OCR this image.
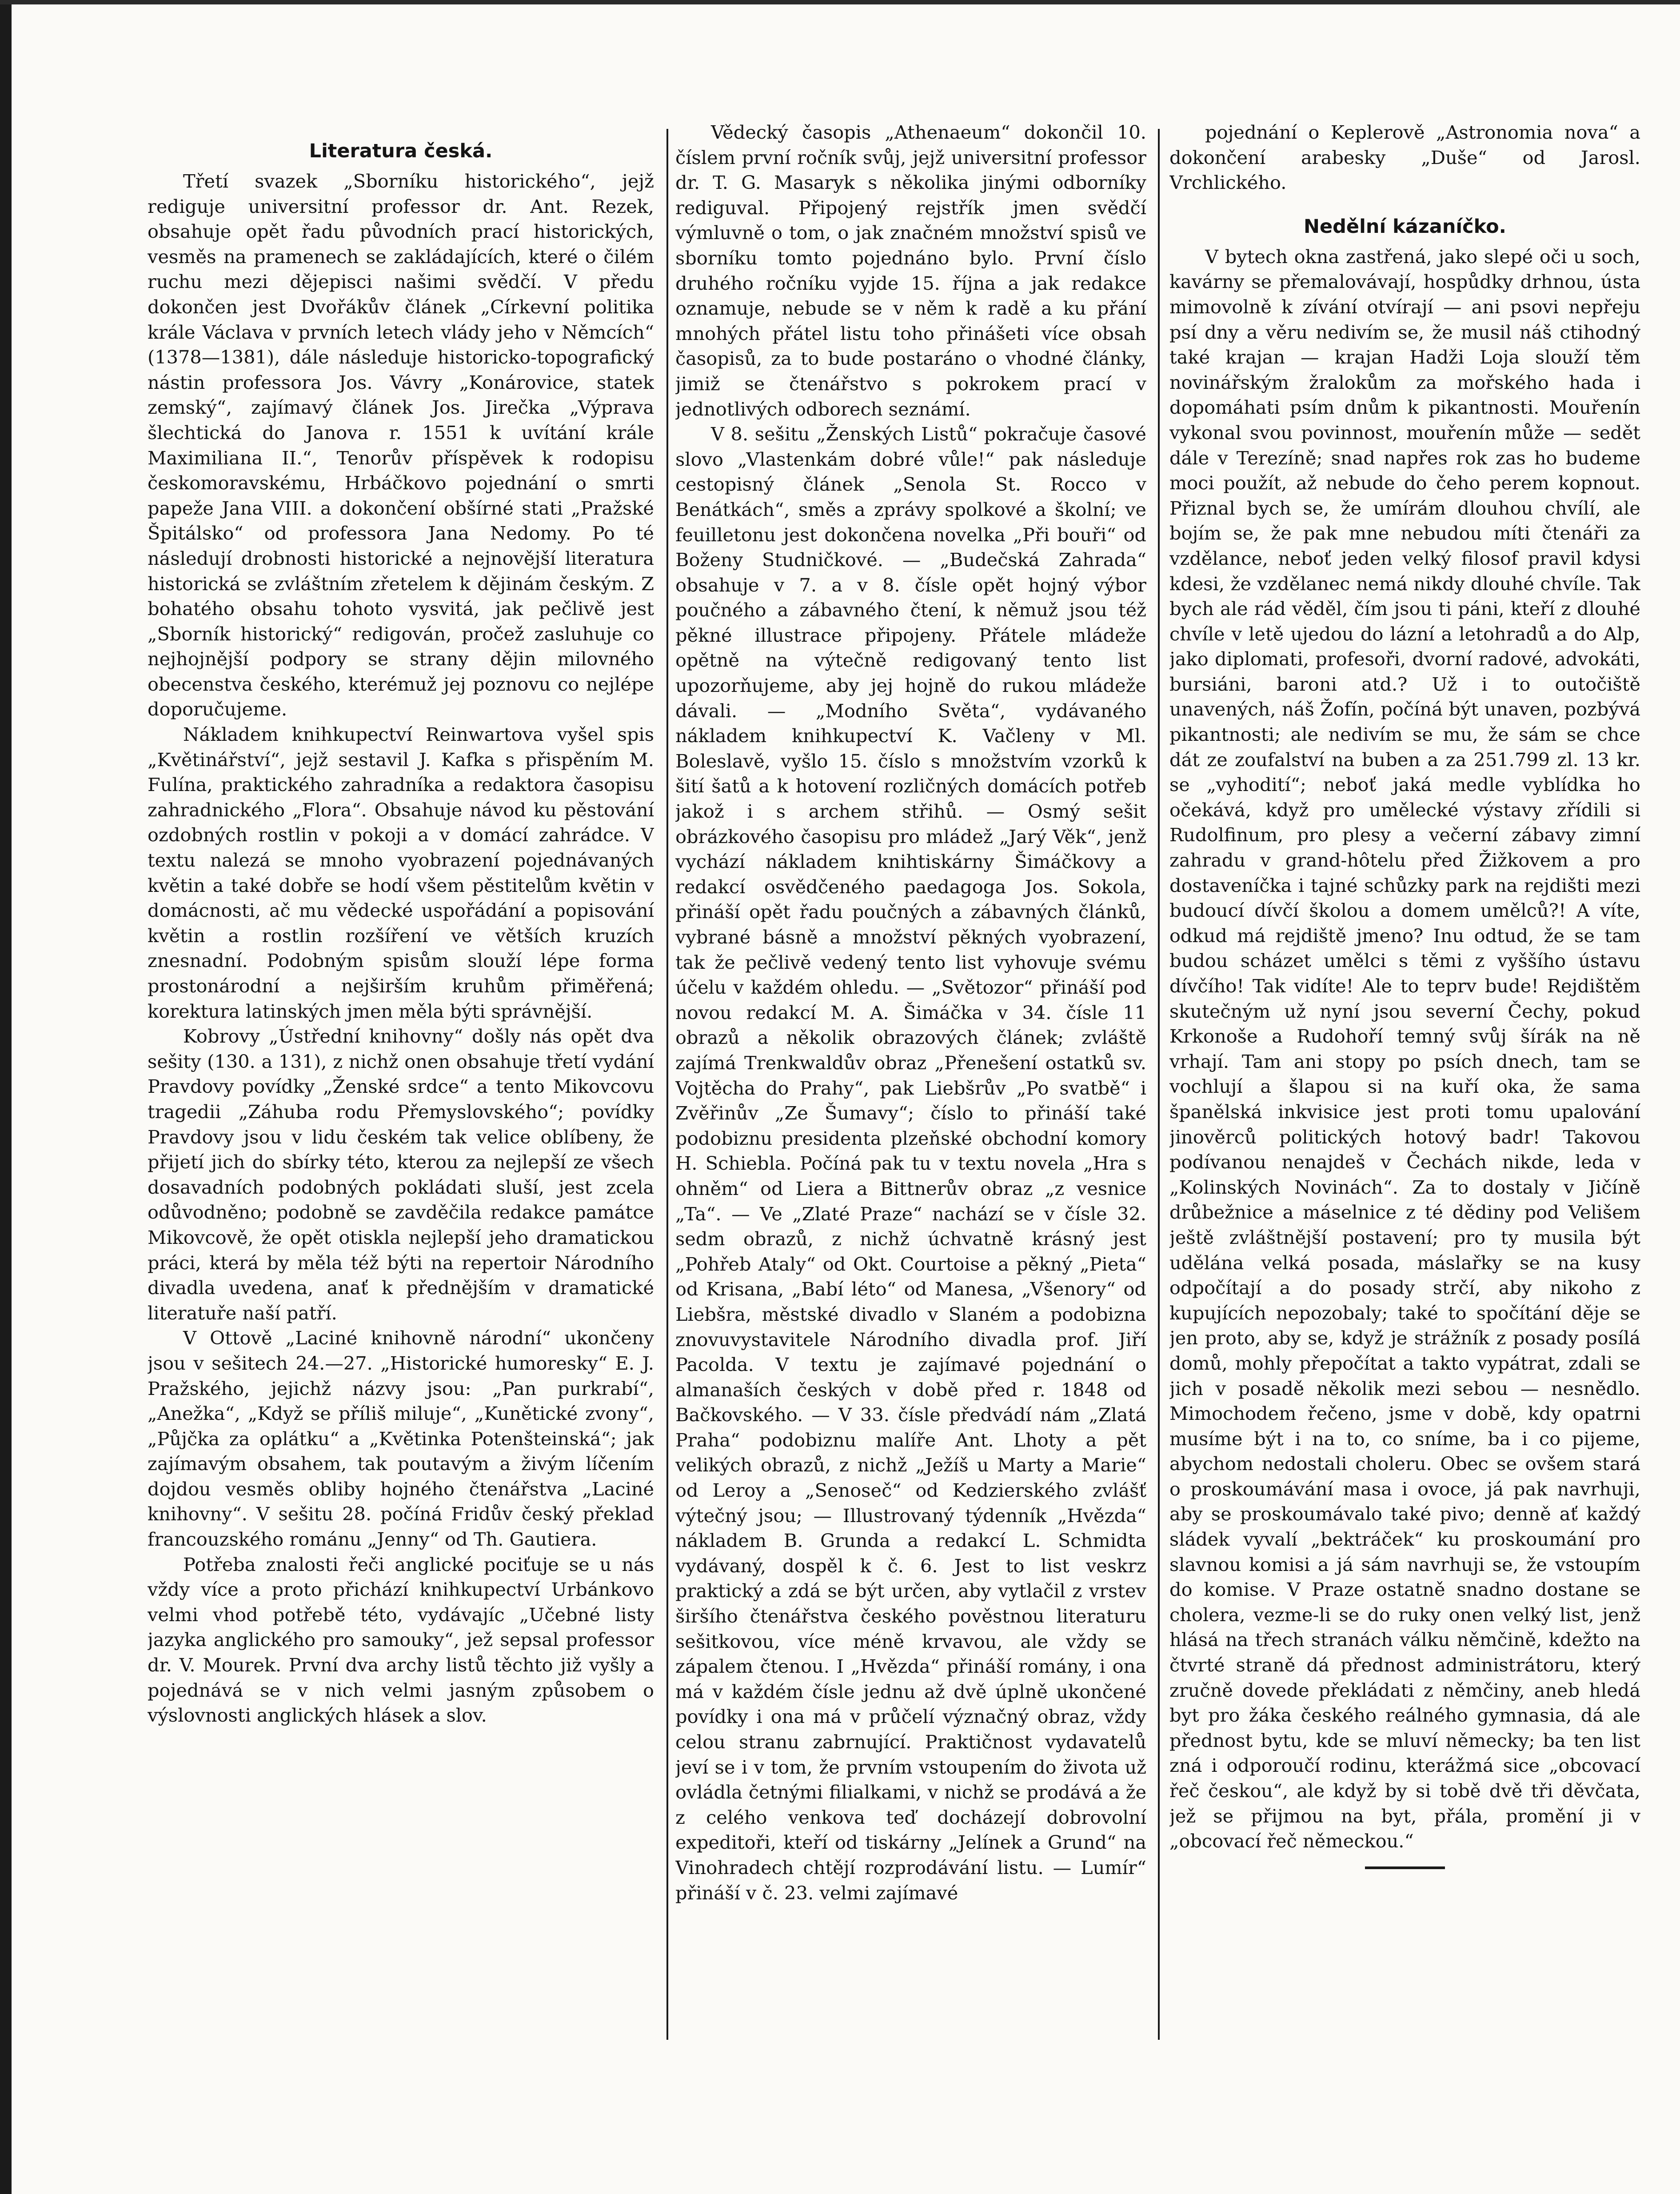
Literatura česká.

Třetí svazek „Sborníku historického“, jejž rediguje universitní professor dr. Ant. Rezek, obsahuje opět řadu původních prací historických, vesměs na pramenech se zakládajících, které o čilém ruchu mezi dějepisci našimi svědčí. V předu dokončen jest Dvořákův článek „Církevní politika krále Václava v prvních letech vlády jeho v Němcích“ (1378—1381), dále následuje historicko-topografický nástin professora Jos. Vávry „Konárovice, statek zemský“, zajímavý článek Jos. Jirečka „Výprava šlechtická do Janova r. 1551 k uvítání krále Maximiliana II.“, Tenorův příspěvek k rodopisu českomoravskému, Hrbáčkovo pojednání o smrti papeže Jana VIII. a dokončení obšírné stati „Pražské Špitálsko“ od professora Jana Nedomy. Po té následují drobnosti historické a nejnovější literatura historická se zvláštním zřetelem k dějinám českým. Z bohatého obsahu tohoto vysvitá, jak pečlivě jest „Sborník historický“ redigován, pročež zasluhuje co nejhojnější podpory se strany dějin milovného obecenstva českého, kterémuž jej poznovu co nejlépe doporučujeme.

Nákladem knihkupectví Reinwartova vyšel spis „Květinářství“, jejž sestavil J. Kafka s přispěním M. Fulína, praktického zahradníka a redaktora časopisu zahradnického „Flora“. Obsahuje návod ku pěstování ozdobných rostlin v pokoji a v domácí zahrádce. V textu nalezá se mnoho vyobrazení pojednávaných květin a také dobře se hodí všem pěstitelům květin v domácnosti, ač mu vědecké uspořádání a popisování květin a rostlin rozšíření ve větších kruzích znesnadní. Podobným spisům slouží lépe forma prostonárodní a nejširším kruhům přiměřená; korektura latinských jmen měla býti správnější.

Kobrovy „Ústřední knihovny“ došly nás opět dva sešity (130. a 131), z nichž onen obsahuje třetí vydání Pravdovy povídky „Ženské srdce“ a tento Mikovcovu tragedii „Záhuba rodu Přemyslovského“; povídky Pravdovy jsou v lidu českém tak velice oblíbeny, že přijetí jich do sbírky této, kterou za nejlepší ze všech dosavadních podobných pokládati sluší, jest zcela odůvodněno; podobně se zavděčila redakce památce Mikovcově, že opět otiskla nejlepší jeho dramatickou práci, která by měla též býti na repertoir Národního divadla uvedena, anať k přednějším v dramatické literatuře naší patří.

V Ottově „Laciné knihovně národní“ ukončeny jsou v sešitech 24.—27. „Historické humoresky“ E. J. Pražského, jejichž názvy jsou: „Pan purkrabí“, „Anežka“, „Když se příliš miluje“, „Kunětické zvony“, „Půjčka za oplátku“ a „Květinka Potenšteinská“; jak zajímavým obsahem, tak poutavým a živým líčením dojdou vesměs obliby hojného čtenářstva „Laciné knihovny“. V sešitu 28. počíná Fridův český překlad francouzského románu „Jenny“ od Th. Gautiera.

Potřeba znalosti řeči anglické pociťuje se u nás vždy více a proto přichází knihkupectví Urbánkovo velmi vhod potřebě této, vydávajíc „Učebné listy jazyka anglického pro samouky“, jež sepsal professor dr. V. Mourek. První dva archy listů těchto již vyšly a pojednává se v nich velmi jasným způsobem o výslovnosti anglických hlásek a slov.

Vědecký časopis „Athenaeum“ dokončil 10. číslem první ročník svůj, jejž universitní professor dr. T. G. Masaryk s několika jinými odborníky rediguval. Připojený rejstřík jmen svědčí výmluvně o tom, o jak značném množství spisů ve sborníku tomto pojednáno bylo. První číslo druhého ročníku vyjde 15. října a jak redakce oznamuje, nebude se v něm k radě a ku přání mnohých přátel listu toho přinášeti více obsah časopisů, za to bude postaráno o vhodné články, jimiž se čtenářstvo s pokrokem prací v jednotlivých odborech seznámí.

V 8. sešitu „Ženských Listů“ pokračuje časové slovo „Vlastenkám dobré vůle!“ pak následuje cestopisný článek „Senola St. Rocco v Benátkách“, směs a zprávy spolkové a školní; ve feuilletonu jest dokončena novelka „Při bouři“ od Boženy Studničkové. — „Budečská Zahrada“ obsahuje v 7. a v 8. čísle opět hojný výbor poučného a zábavného čtení, k němuž jsou též pěkné illustrace připojeny. Přátele mládeže opětně na výtečně redigovaný tento list upozorňujeme, aby jej hojně do rukou mládeže dávali. — „Modního Světa“, vydávaného nákladem knihkupectví K. Vačleny v Ml. Boleslavě, vyšlo 15. číslo s množstvím vzorků k šití šatů a k hotovení rozličných domácích potřeb jakož i s archem střihů. — Osmý sešit obrázkového časopisu pro mládež „Jarý Věk“, jenž vychází nákladem knihtiskárny Šimáčkovy a redakcí osvědčeného paedagoga Jos. Sokola, přináší opět řadu poučných a zábavných článků, vybrané básně a množství pěkných vyobrazení, tak že pečlivě vedený tento list vyhovuje svému účelu v každém ohledu. — „Světozor“ přináší pod novou redakcí M. A. Šimáčka v 34. čísle 11 obrazů a několik obrazových článek; zvláště zajímá Trenkwaldův obraz „Přenešení ostatků sv. Vojtěcha do Prahy“, pak Liebšrův „Po svatbě“ i Zvěřinův „Ze Šumavy“; číslo to přináší také podobiznu presidenta plzeňské obchodní komory H. Schiebla. Počíná pak tu v textu novela „Hra s ohněm“ od Liera a Bittnerův obraz „z vesnice „Ta“. — Ve „Zlaté Praze“ nachází se v čísle 32. sedm obrazů, z nichž úchvatně krásný jest „Pohřeb Ataly“ od Okt. Courtoise a pěkný „Pieta“ od Krisana, „Babí léto“ od Manesa, „Všenory“ od Liebšra, městské divadlo v Slaném a podobizna znovuvystavitele Národního divadla prof. Jiří Pacolda. V textu je zajímavé pojednání o almanaších českých v době před r. 1848 od Bačkovského. — V 33. čísle předvádí nám „Zlatá Praha“ podobiznu malíře Ant. Lhoty a pět velikých obrazů, z nichž „Ježíš u Marty a Marie“ od Leroy a „Senoseč“ od Kedzierského zvlášť výtečný jsou; — Illustrovaný týdenník „Hvězda“ nákladem B. Grunda a redakcí L. Schmidta vydávaný, dospěl k č. 6. Jest to list veskrz praktický a zdá se být určen, aby vytlačil z vrstev širšího čtenářstva českého pověstnou literaturu sešitkovou, více méně krvavou, ale vždy se zápalem čtenou. I „Hvězda“ přináší romány, i ona má v každém čísle jednu až dvě úplně ukončené povídky i ona má v průčelí význačný obraz, vždy celou stranu zabrnující. Praktičnost vydavatelů jeví se i v tom, že prvním vstoupením do života už ovládla četnými filialkami, v nichž se prodává a že z celého venkova teď docházejí dobrovolní expeditoři, kteří od tiskárny „Jelínek a Grund“ na Vinohradech chtějí rozprodávání listu. — Lumír“ přináší v č. 23. velmi zajímavé

pojednání o Keplerově „Astronomia nova“ a dokončení arabesky „Duše“ od Jarosl. Vrchlického.

Nedělní kázaníčko.

V bytech okna zastřená, jako slepé oči u soch, kavárny se přemalovávají, hospůdky drhnou, ústa mimovolně k zívání otvírají — ani psovi nepřeju psí dny a věru nedivím se, že musil náš ctihodný také krajan — krajan Hadži Loja slouží těm novinářským žralokům za mořského hada i dopomáhati psím dnům k pikantnosti. Mouřenín vykonal svou povinnost, mouřenín může — sedět dále v Terezíně; snad napřes rok zas ho budeme moci použít, až nebude do čeho perem kopnout. Přiznal bych se, že umírám dlouhou chvílí, ale bojím se, že pak mne nebudou míti čtenáři za vzdělance, neboť jeden velký filosof pravil kdysi kdesi, že vzdělanec nemá nikdy dlouhé chvíle. Tak bych ale rád věděl, čím jsou ti páni, kteří z dlouhé chvíle v letě ujedou do lázní a letohradů a do Alp, jako diplomati, profesoři, dvorní radové, advokáti, bursiáni, baroni atd.? Už i to outočiště unavených, náš Žofín, počíná být unaven, pozbývá pikantnosti; ale nedivím se mu, že sám se chce dát ze zoufalství na buben a za 251.799 zl. 13 kr. se „vyhodití“; neboť jaká medle vyblídka ho očekává, když pro umělecké výstavy zřídili si Rudolfinum, pro plesy a večerní zábavy zimní zahradu v grand-hôtelu před Žižkovem a pro dostaveníčka i tajné schůzky park na rejdišti mezi budoucí dívčí školou a domem umělců?! A víte, odkud má rejdiště jmeno? Inu odtud, že se tam budou scházet umělci s těmi z vyššího ústavu dívčího! Tak vidíte! Ale to teprv bude! Rejdištěm skutečným už nyní jsou severní Čechy, pokud Krkonoše a Rudohoří temný svůj šírák na ně vrhají. Tam ani stopy po psích dnech, tam se vochlují a šlapou si na kuří oka, že sama španělská inkvisice jest proti tomu upalování jinověrců politických hotový badr! Takovou podívanou nenajdeš v Čechách nikde, leda v „Kolinských Novinách“. Za to dostaly v Jičíně drůbežnice a máselnice z té dědiny pod Velišem ještě zvláštnější postavení; pro ty musila být udělána velká posada, máslařky se na kusy odpočítají a do posady strčí, aby nikoho z kupujících nepozobaly; také to spočítání děje se jen proto, aby se, když je strážník z posady posílá domů, mohly přepočítat a takto vypátrat, zdali se jich v posadě několik mezi sebou — nesnědlo. Mimochodem řečeno, jsme v době, kdy opatrni musíme být i na to, co sníme, ba i co pijeme, abychom nedostali choleru. Obec se ovšem stará o proskoumávání masa i ovoce, já pak navrhuji, aby se proskoumávalo také pivo; denně ať každý sládek vyvalí „bektráček“ ku proskoumání pro slavnou komisi a já sám navrhuji se, že vstoupím do komise. V Praze ostatně snadno dostane se cholera, vezme-li se do ruky onen velký list, jenž hlásá na třech stranách válku němčině, kdežto na čtvrté straně dá přednost administrátoru, který zručně dovede překládati z němčiny, aneb hledá byt pro žáka českého reálného gymnasia, dá ale přednost bytu, kde se mluví německy; ba ten list zná i odporoučí rodinu, kterážmá sice „obcovací řeč českou“, ale když by si tobě dvě tři děvčata, jež se přijmou na byt, přála, promění ji v „obcovací řeč německou.“
